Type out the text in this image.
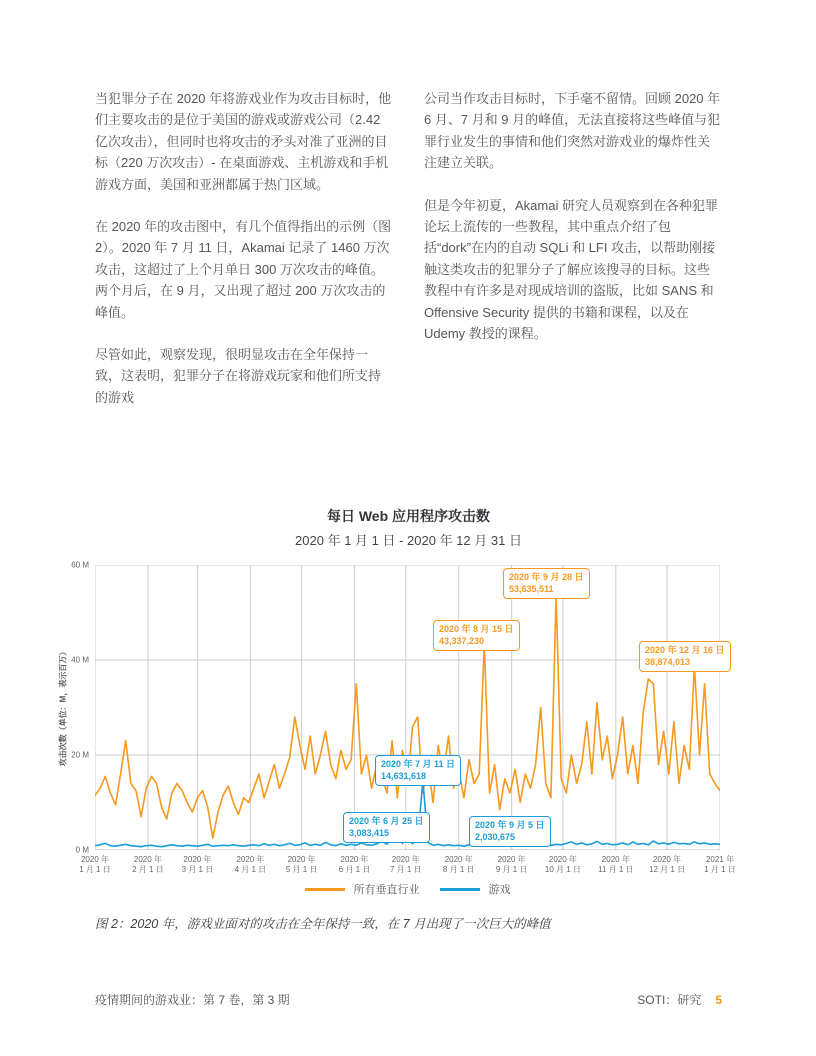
当犯罪分子在 2020 年将游戏业作为攻击目标时，他们主要攻击的是位于美国的游戏或游戏公司（2.42 亿次攻击），但同时也将攻击的矛头对准了亚洲的目标（220 万次攻击）- 在桌面游戏、主机游戏和手机游戏方面，美国和亚洲都属于热门区域。

在 2020 年的攻击图中，有几个值得指出的示例（图 2）。2020 年 7 月 11 日，Akamai 记录了 1460 万次攻击，这超过了上个月单日 300 万次攻击的峰值。两个月后，在 9 月，又出现了超过 200 万次攻击的峰值。

尽管如此，观察发现，很明显攻击在全年保持一致，这表明，犯罪分子在将游戏玩家和他们所支持的游戏

公司当作攻击目标时，下手毫不留情。回顾 2020 年 6 月、7 月和 9 月的峰值，无法直接将这些峰值与犯罪行业发生的事情和他们突然对游戏业的爆炸性关注建立关联。

但是今年初夏，Akamai 研究人员观察到在各种犯罪论坛上流传的一些教程，其中重点介绍了包括“dork”在内的自动 SQLi 和 LFI 攻击，以帮助刚接触这类攻击的犯罪分子了解应该搜寻的目标。这些教程中有许多是对现成培训的盗版，比如 SANS 和 Offensive Security 提供的书籍和课程，以及在 Udemy 教授的课程。

每日 Web 应用程序攻击数
2020 年 1 月 1 日 - 2020 年 12 月 31 日
60 M
40 M
20 M
0 M
攻击次数（单位：M，表示百万）
2020 年 6 月 25 日
3,083,415
2020 年 7 月 11 日
14,631,618
2020 年 8 月 15 日
43,337,230
2020 年 9 月 5 日
2,030,675
2020 年 9 月 28 日
53,635,511
2020 年 12 月 16 日
38,874,013
2020 年
1 月 1 日
2020 年
2 月 1 日
2020 年
3 月 1 日
2020 年
4 月 1 日
2020 年
5 月 1 日
2020 年
6 月 1 日
2020 年
7 月 1 日
2020 年
8 月 1 日
2020 年
9 月 1 日
2020 年
10 月 1 日
2020 年
11 月 1 日
2020 年
12 月 1 日
2021 年
1 月 1 日
所有垂直行业	游戏
图 2：2020 年，游戏业面对的攻击在全年保持一致，在 7 月出现了一次巨大的峰值
疫情期间的游戏业：第 7 卷，第 3 期	SOTI：研究 5
